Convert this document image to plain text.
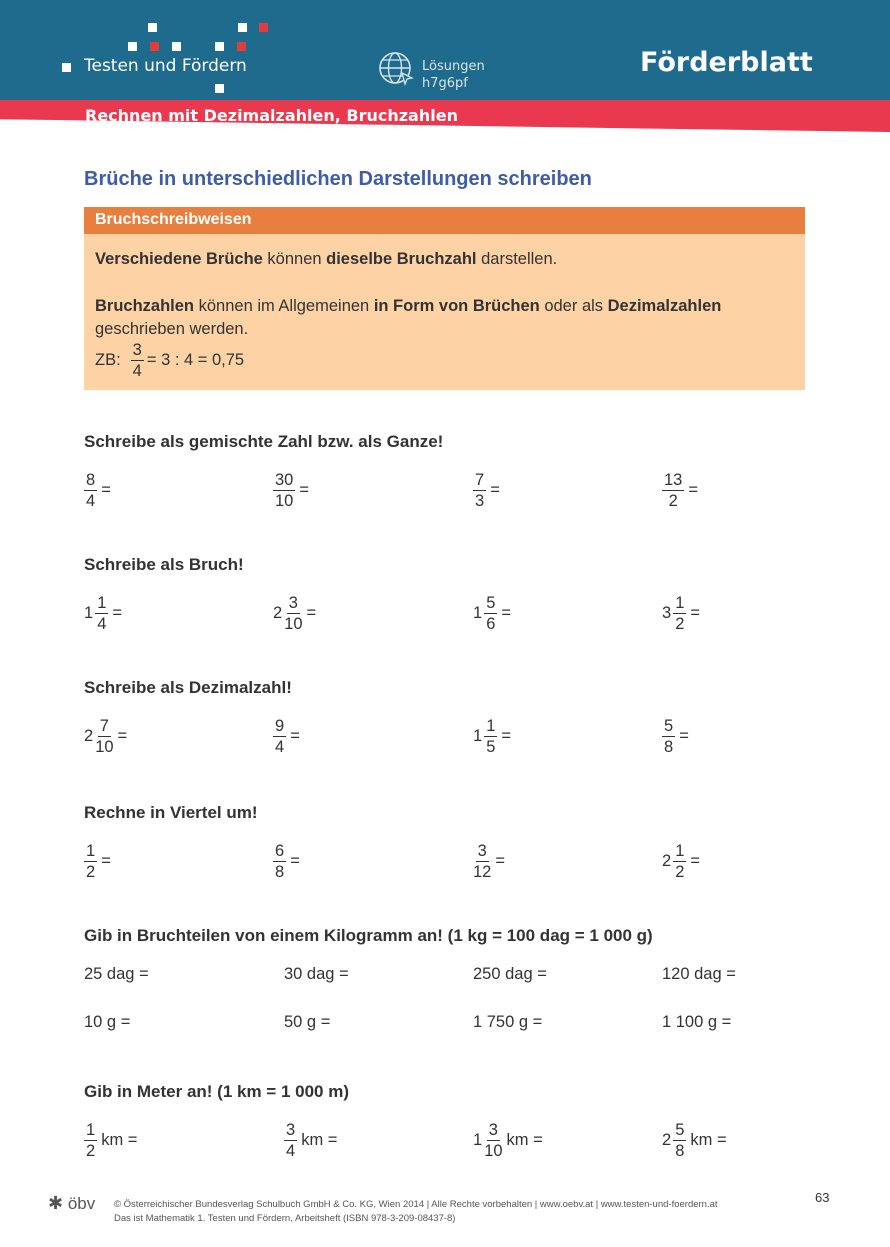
Testen und Fördern	Lösungen
h7g6pf
Förderblatt
Rechnen mit Dezimalzahlen, Bruchzahlen
Brüche in unterschiedlichen Darstellungen schreiben
Bruchschreibweisen

Verschiedene Brüche können dieselbe Bruchzahl darstellen.

Bruchzahlen können im Allgemeinen in Form von Brüchen oder als Dezimalzahlen

geschrieben werden.

ZB: $\frac{3}{4} = 3$ : 4 = 0,75

Schreibe als gemischte Zahl bzw. als Ganze!
$\frac{8}{4}$ =	$\frac{30}{10}$ =	$\frac{7}{3}$ =	$\frac{13}{2}$ =
Schreibe als Bruch!
$1 \frac{1}{4}$ =	$2 \frac{3}{10}$ =	$1 \frac{5}{6}$ =	$3 \frac{1}{2}$ =
Schreibe als Dezimalzahl!
$2 \frac{7}{10}$ =	$\frac{9}{4}$ =	$1 \frac{1}{5}$ =	$\frac{5}{8}$ =
Rechne in Viertel um!
$\frac{1}{2}$ =	$\frac{6}{8}$ =	$\frac{3}{12}$ =	$2 \frac{1}{2}$ =
Gib in Bruchteilen von einem Kilogramm an! (1 kg = 100 dag = 1 000 g)
25 dag =	30 dag =	250 dag =	120 dag =
10 g =	50 g =	1 750 g =	1 100 g =
Gib in Meter an! (1 km = 1 000 m)
$\frac{1}{2}$ km =	$\frac{3}{4}$ km =	$1 \frac{3}{10}$ km =	$2 \frac{5}{8}$ km =
✱ öbv © Österreichischer Bundesverlag Schulbuch GmbH & Co. KG, Wien 2014 | Alle Rechte vorbehalten | www.oebv.at | www.testen-und-foerdern.at
Das ist Mathematik 1. Testen und Fördern, Arbeitsheft (ISBN 978-3-209-08437-8)
63
